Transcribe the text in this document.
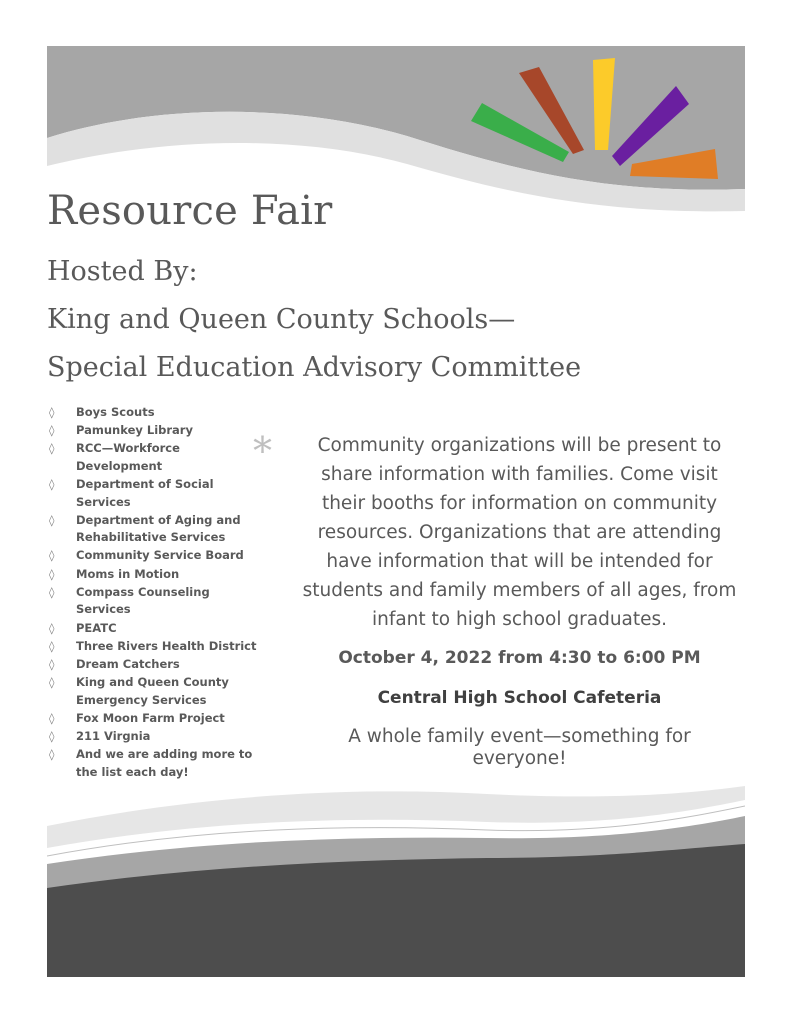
Resource Fair
Hosted By:
King and Queen County Schools—
Special Education Advisory Committee
◊ Boys Scouts
◊ Pamunkey Library
◊ RCC—Workforce Development
◊ Department of Social Services
◊ Department of Aging and Rehabilitative Services
◊ Community Service Board
◊ Moms in Motion
◊ Compass Counseling Services
◊ PEATC
◊ Three Rivers Health District
◊ Dream Catchers
◊ King and Queen County Emergency Services
◊ Fox Moon Farm Project
◊ 211 Virgnia
◊ And we are adding more to the list each day!
*	Community organizations will be present to share information with families. Come visit their booths for information on community resources. Organizations that are attending have information that will be intended for students and family members of all ages, from infant to high school graduates.

October 4, 2022 from 4:30 to 6:00 PM

Central High School Cafeteria

A whole family event—something for everyone!
